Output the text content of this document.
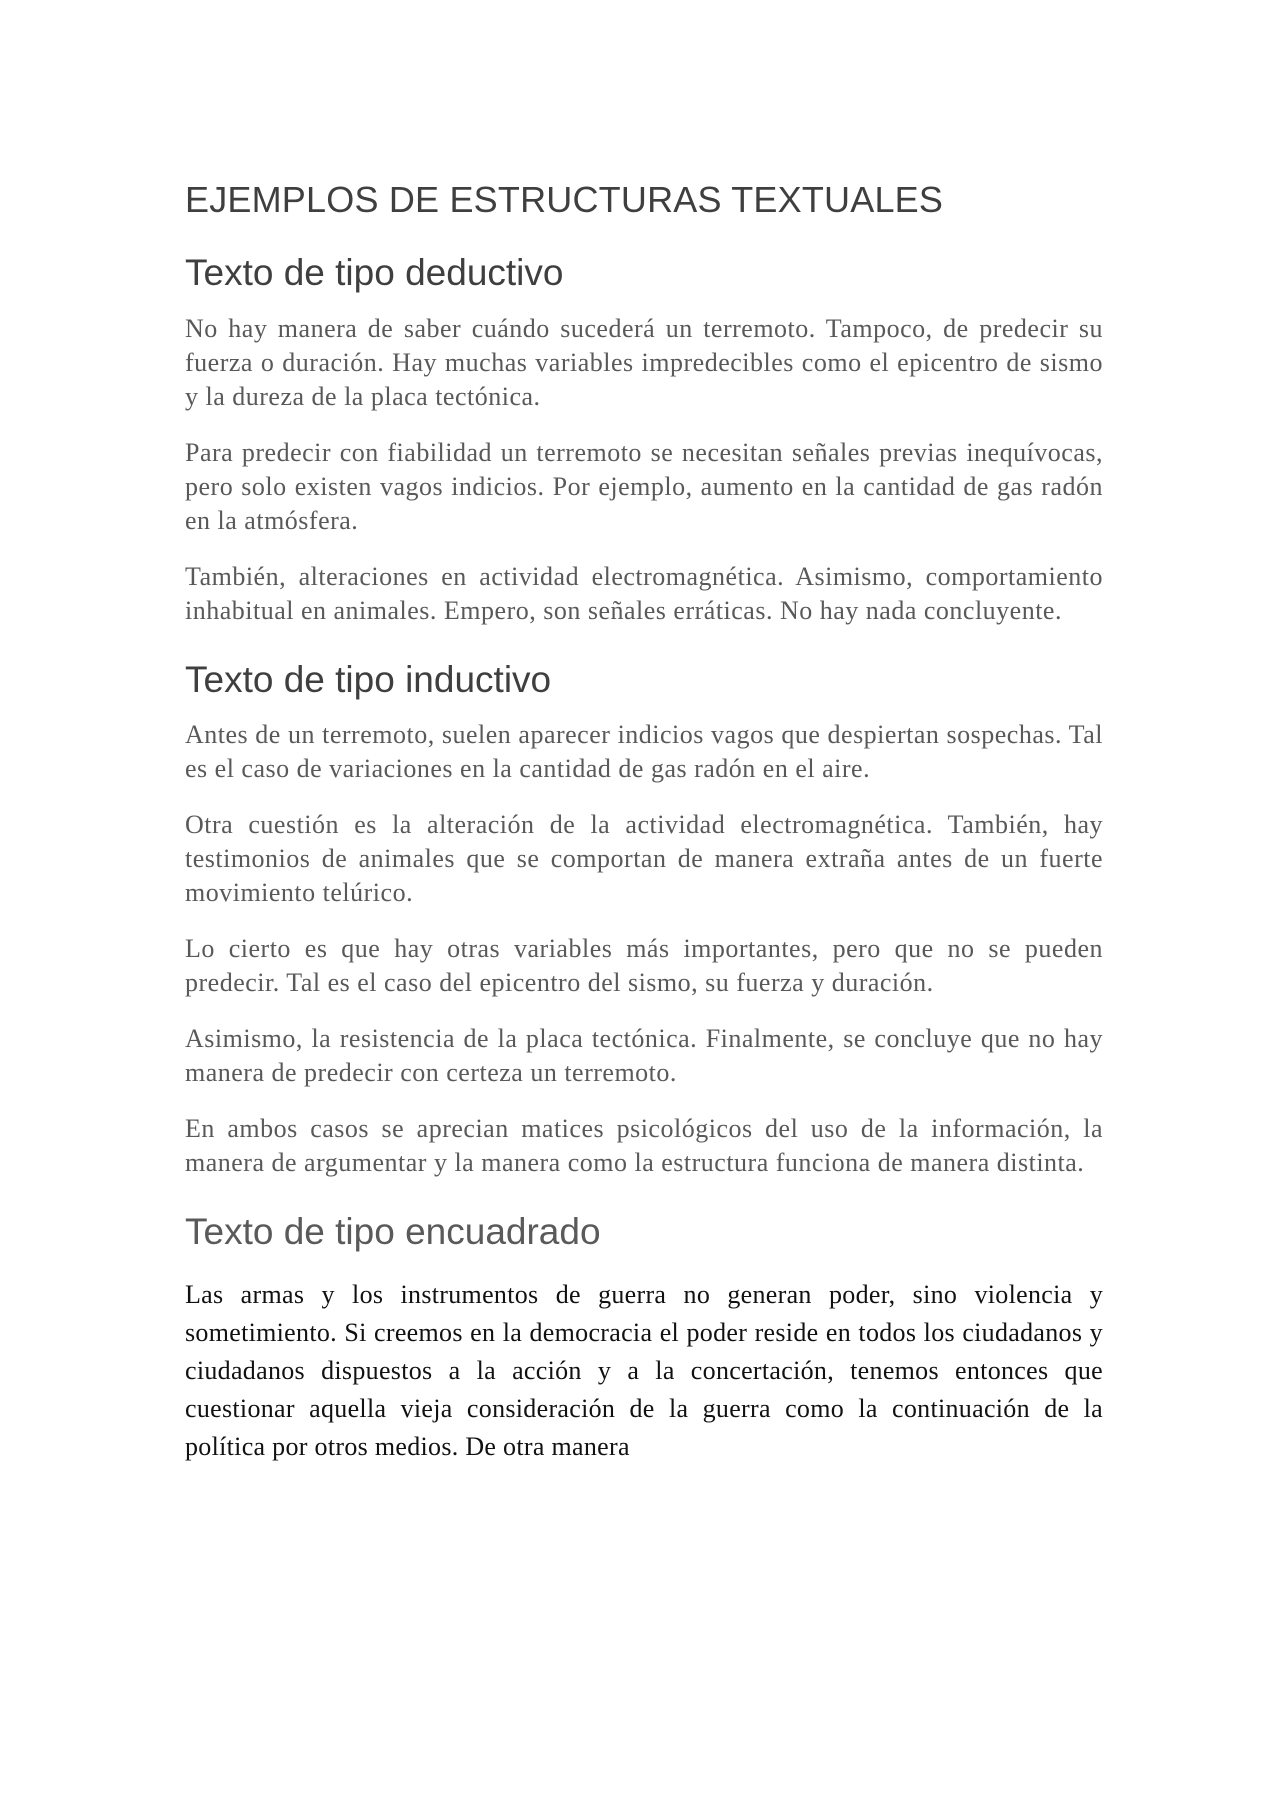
EJEMPLOS DE ESTRUCTURAS TEXTUALES
Texto de tipo deductivo

No hay manera de saber cuándo sucederá un terremoto. Tampoco, de predecir su fuerza o duración. Hay muchas variables impredecibles como el epicentro de sismo y la dureza de la placa tectónica.

Para predecir con fiabilidad un terremoto se necesitan señales previas inequívocas, pero solo existen vagos indicios. Por ejemplo, aumento en la cantidad de gas radón en la atmósfera.

También, alteraciones en actividad electromagnética. Asimismo, comportamiento inhabitual en animales. Empero, son señales erráticas. No hay nada concluyente.

Texto de tipo inductivo

Antes de un terremoto, suelen aparecer indicios vagos que despiertan sospechas. Tal es el caso de variaciones en la cantidad de gas radón en el aire.

Otra cuestión es la alteración de la actividad electromagnética. También, hay testimonios de animales que se comportan de manera extraña antes de un fuerte movimiento telúrico.

Lo cierto es que hay otras variables más importantes, pero que no se pueden predecir. Tal es el caso del epicentro del sismo, su fuerza y duración.

Asimismo, la resistencia de la placa tectónica. Finalmente, se concluye que no hay manera de predecir con certeza un terremoto.

En ambos casos se aprecian matices psicológicos del uso de la información, la manera de argumentar y la manera como la estructura funciona de manera distinta.

Texto de tipo encuadrado

Las armas y los instrumentos de guerra no generan poder, sino violencia y sometimiento. Si creemos en la democracia el poder reside en todos los ciudadanos y ciudadanos dispuestos a la acción y a la concertación, tenemos entonces que cuestionar aquella vieja consideración de la guerra como la continuación de la política por otros medios. De otra manera
